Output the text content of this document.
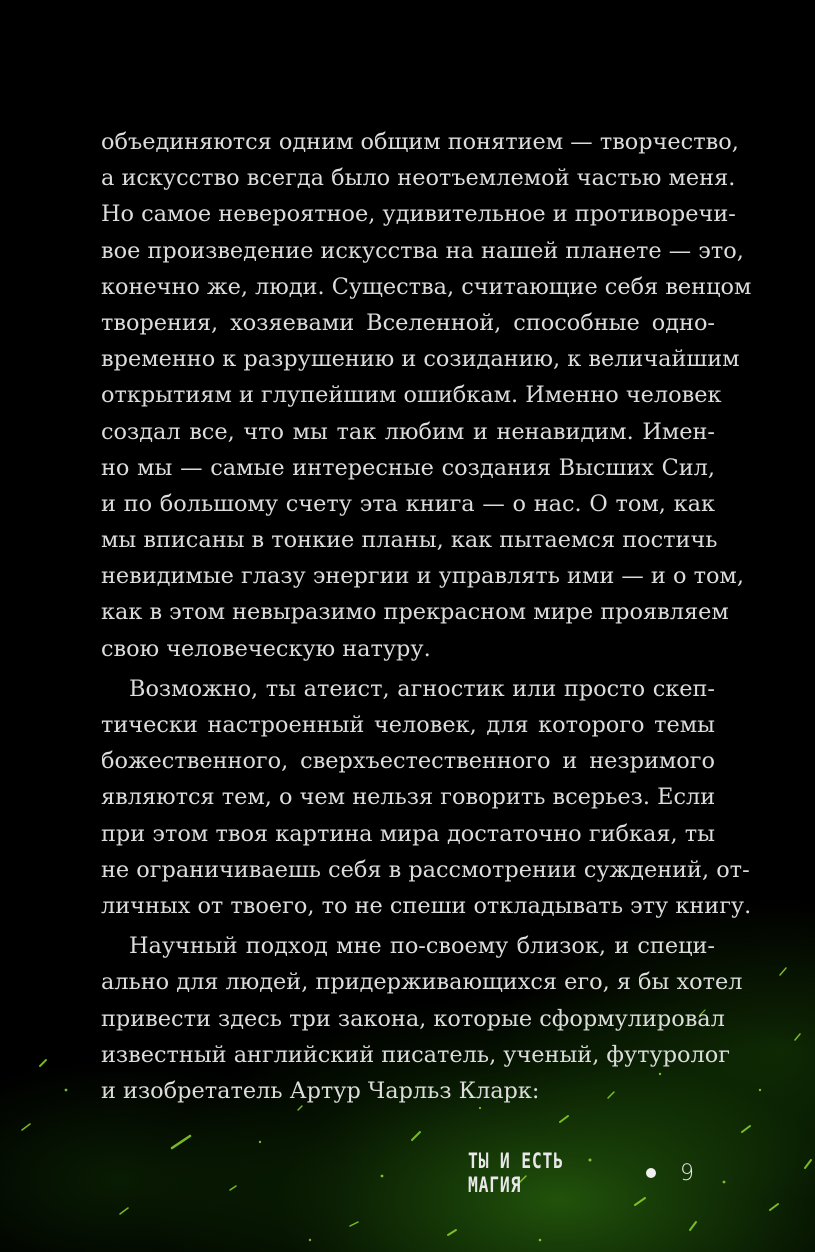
объединяются одним общим понятием — творчество,
а искусство всегда было неотъемлемой частью меня.
Но самое невероятное, удивительное и противоречи-
вое произведение искусства на нашей планете — это,
конечно же, люди. Существа, считающие себя венцом
творения, хозяевами Вселенной, способные одно-
временно к разрушению и созиданию, к величайшим
открытиям и глупейшим ошибкам. Именно человек
создал все, что мы так любим и ненавидим. Имен-
но мы — самые интересные создания Высших Сил,
и по большому счету эта книга — о нас. О том, как
мы вписаны в тонкие планы, как пытаемся постичь
невидимые глазу энергии и управлять ими — и о том,
как в этом невыразимо прекрасном мире проявляем
свою человеческую натуру.
Возможно, ты атеист, агностик или просто скеп-
тически настроенный человек, для которого темы
божественного, сверхъестественного и незримого
являются тем, о чем нельзя говорить всерьез. Если
при этом твоя картина мира достаточно гибкая, ты
не ограничиваешь себя в рассмотрении суждений, от-
личных от твоего, то не спеши откладывать эту книгу.
Научный подход мне по-своему близок, и специ-
ально для людей, придерживающихся его, я бы хотел
привести здесь три закона, которые сформулировал
известный английский писатель, ученый, футуролог
и изобретатель Артур Чарльз Кларк:
ТЫ И ЕСТЬ МАГИЯ	9
